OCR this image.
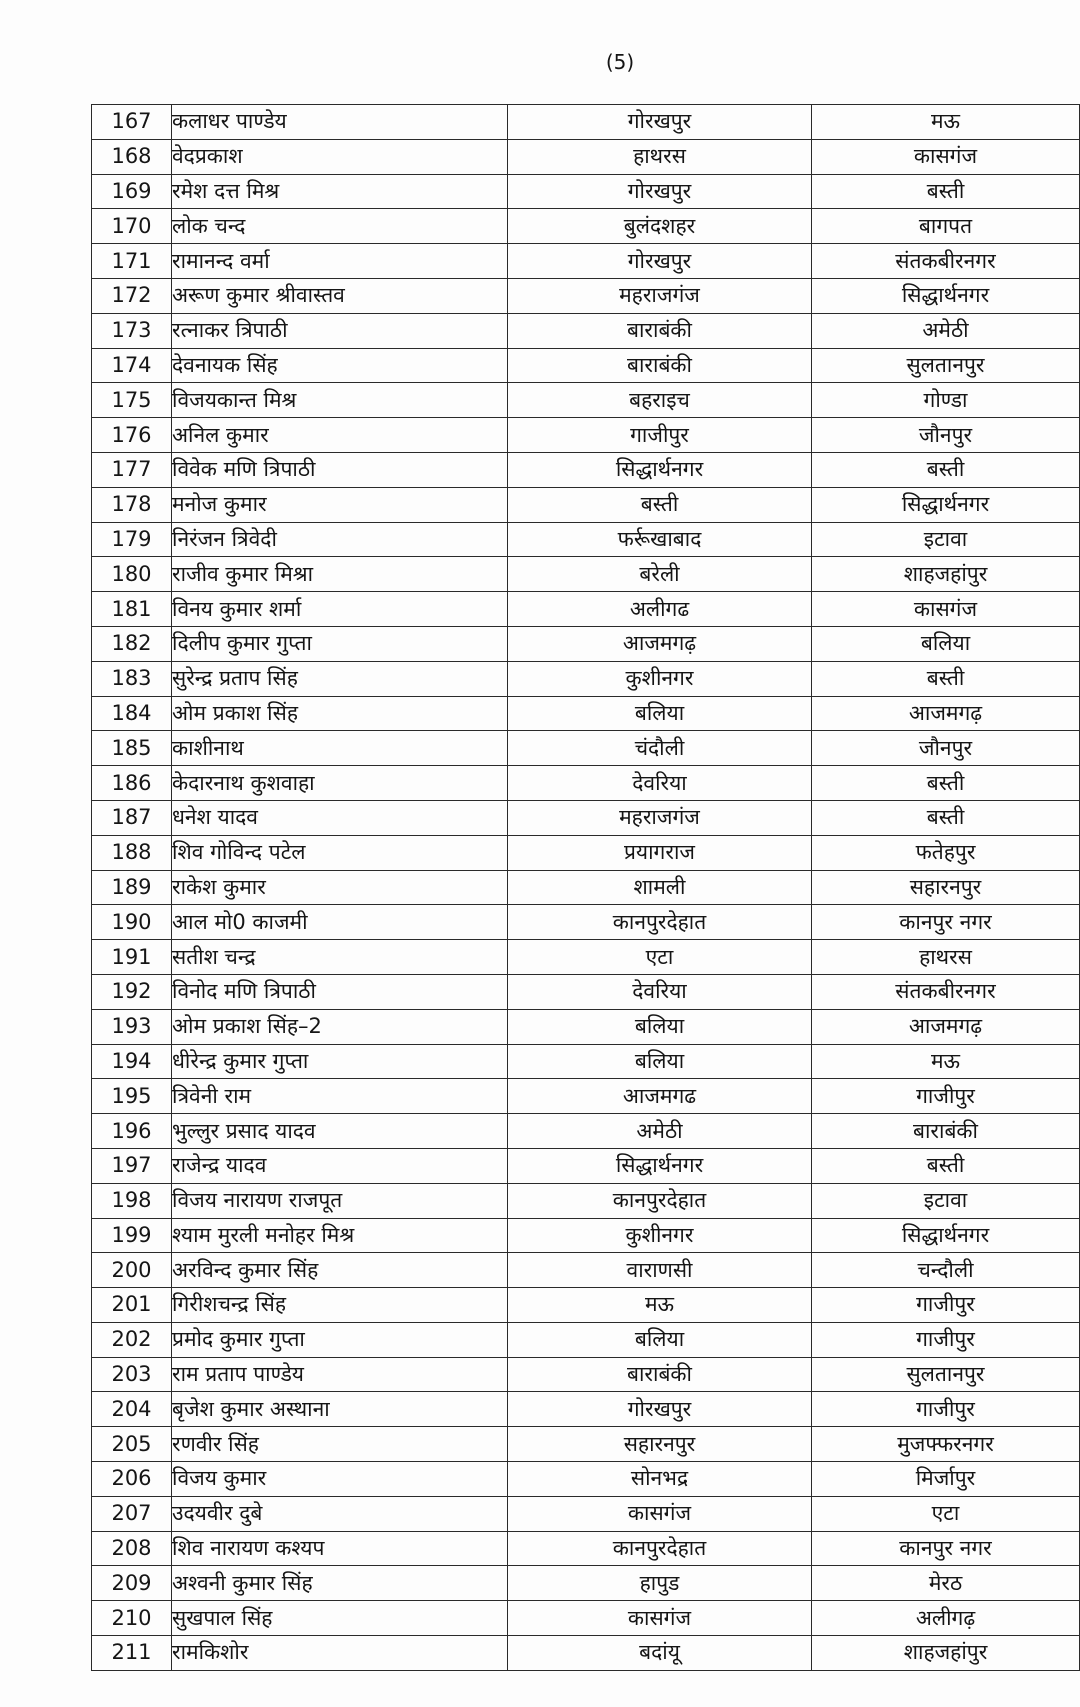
(5)
167	कलाधर पाण्डेय	गोरखपुर	मऊ
168	वेदप्रकाश	हाथरस	कासगंज
169	रमेश दत्त मिश्र	गोरखपुर	बस्ती
170	लोक चन्द	बुलंदशहर	बागपत
171	रामानन्द वर्मा	गोरखपुर	संतकबीरनगर
172	अरूण कुमार श्रीवास्तव	महराजगंज	सिद्धार्थनगर
173	रत्नाकर त्रिपाठी	बाराबंकी	अमेठी
174	देवनायक सिंह	बाराबंकी	सुलतानपुर
175	विजयकान्त मिश्र	बहराइच	गोण्डा
176	अनिल कुमार	गाजीपुर	जौनपुर
177	विवेक मणि त्रिपाठी	सिद्धार्थनगर	बस्ती
178	मनोज कुमार	बस्ती	सिद्धार्थनगर
179	निरंजन त्रिवेदी	फर्रूखाबाद	इटावा
180	राजीव कुमार मिश्रा	बरेली	शाहजहांपुर
181	विनय कुमार शर्मा	अलीगढ	कासगंज
182	दिलीप कुमार गुप्ता	आजमगढ़	बलिया
183	सुरेन्द्र प्रताप सिंह	कुशीनगर	बस्ती
184	ओम प्रकाश सिंह	बलिया	आजमगढ़
185	काशीनाथ	चंदौली	जौनपुर
186	केदारनाथ कुशवाहा	देवरिया	बस्ती
187	धनेश यादव	महराजगंज	बस्ती
188	शिव गोविन्द पटेल	प्रयागराज	फतेहपुर
189	राकेश कुमार	शामली	सहारनपुर
190	आल मो0 काजमी	कानपुरदेहात	कानपुर नगर
191	सतीश चन्द्र	एटा	हाथरस
192	विनोद मणि त्रिपाठी	देवरिया	संतकबीरनगर
193	ओम प्रकाश सिंह–2	बलिया	आजमगढ़
194	धीरेन्द्र कुमार गुप्ता	बलिया	मऊ
195	त्रिवेनी राम	आजमगढ	गाजीपुर
196	भुल्लुर प्रसाद यादव	अमेठी	बाराबंकी
197	राजेन्द्र यादव	सिद्धार्थनगर	बस्ती
198	विजय नारायण राजपूत	कानपुरदेहात	इटावा
199	श्याम मुरली मनोहर मिश्र	कुशीनगर	सिद्धार्थनगर
200	अरविन्द कुमार सिंह	वाराणसी	चन्दौली
201	गिरीशचन्द्र सिंह	मऊ	गाजीपुर
202	प्रमोद कुमार गुप्ता	बलिया	गाजीपुर
203	राम प्रताप पाण्डेय	बाराबंकी	सुलतानपुर
204	बृजेश कुमार अस्थाना	गोरखपुर	गाजीपुर
205	रणवीर सिंह	सहारनपुर	मुजफ्फरनगर
206	विजय कुमार	सोनभद्र	मिर्जापुर
207	उदयवीर दुबे	कासगंज	एटा
208	शिव नारायण कश्यप	कानपुरदेहात	कानपुर नगर
209	अश्वनी कुमार सिंह	हापुड	मेरठ
210	सुखपाल सिंह	कासगंज	अलीगढ़
211	रामकिशोर	बदांयू	शाहजहांपुर
